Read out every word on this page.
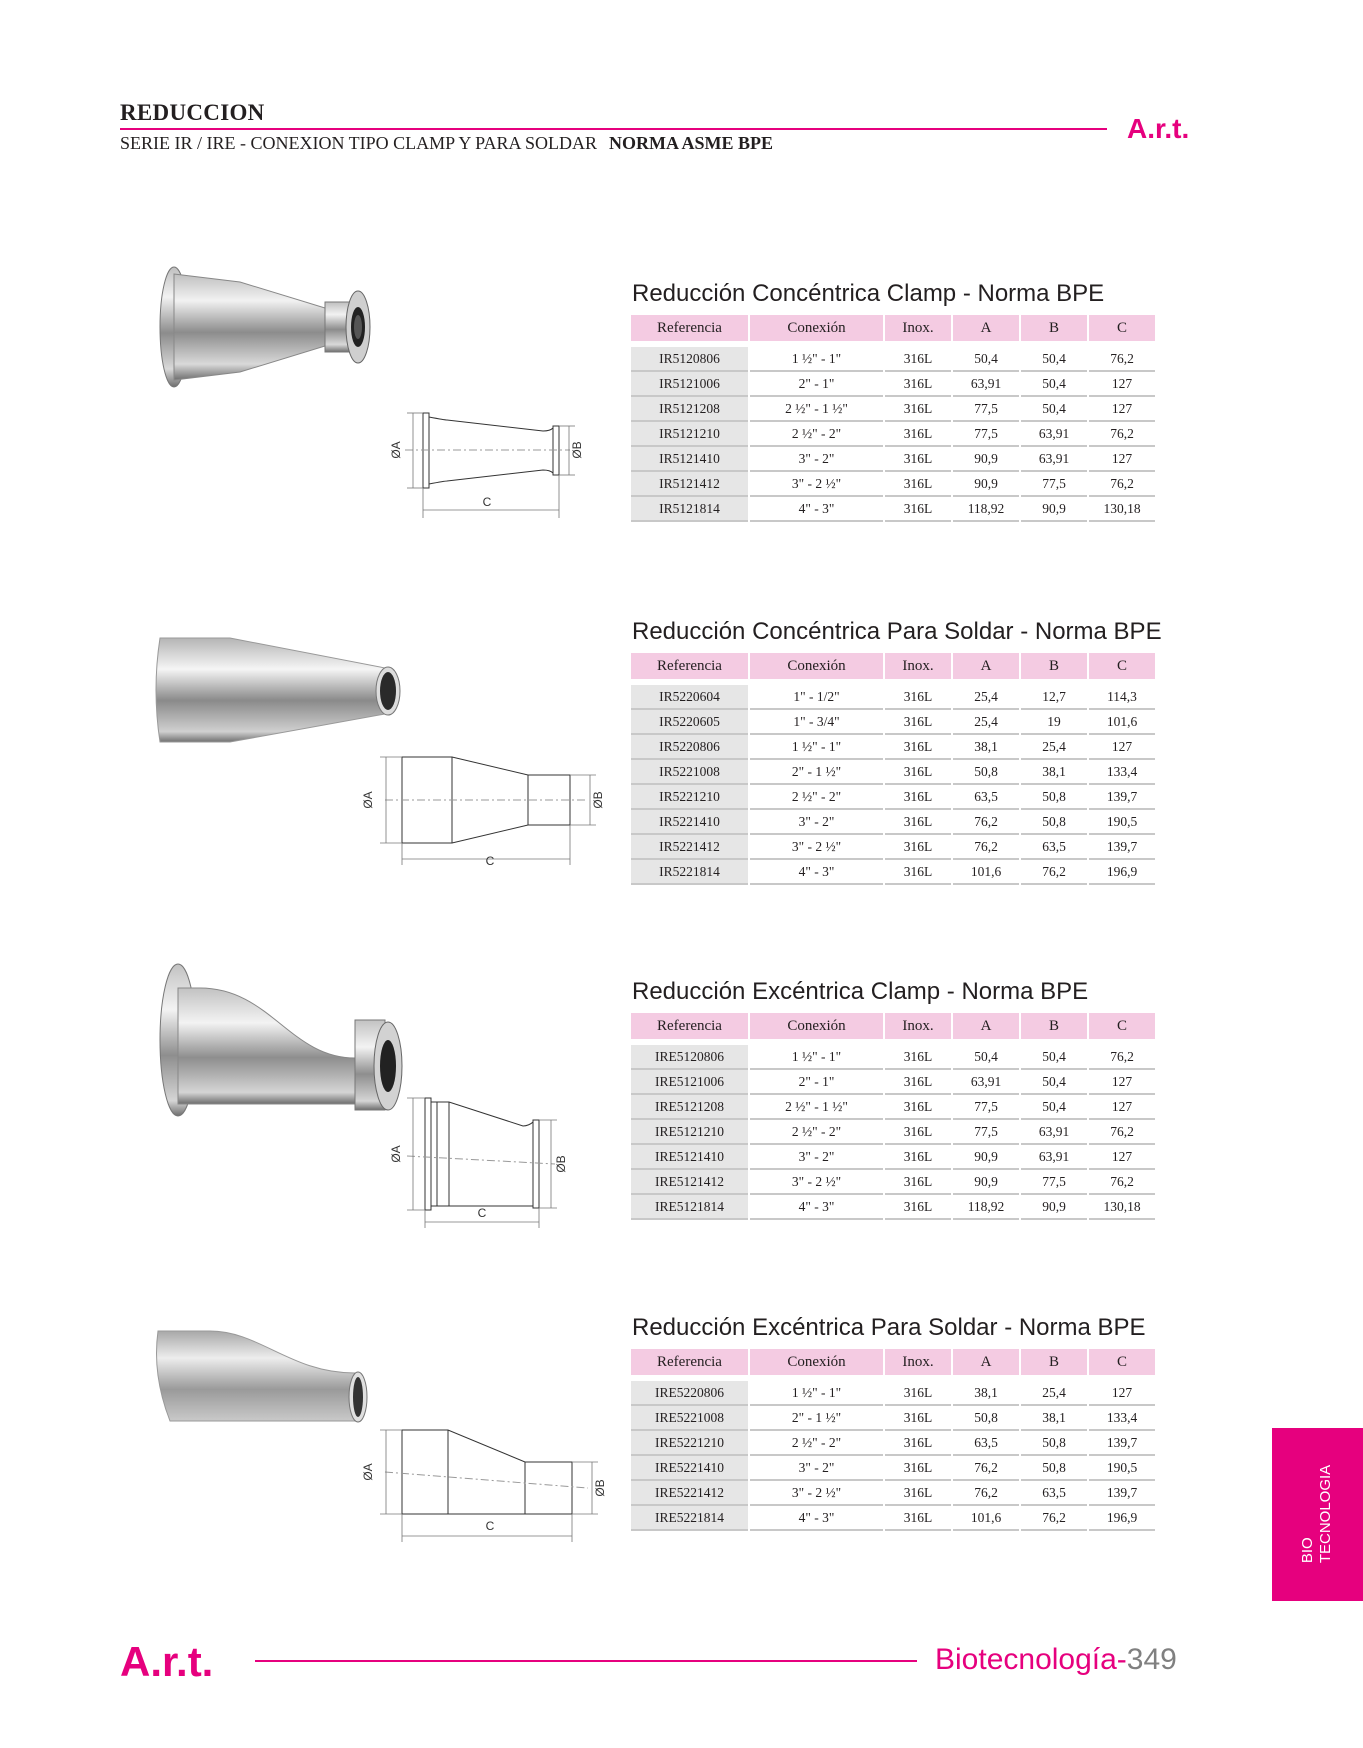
REDUCCION
SERIE IR / IRE - CONEXION TIPO CLAMP Y PARA SOLDAR NORMA ASME BPE	A.r.t.
ØA	ØB
C
Reducción Concéntrica Clamp - Norma BPE
Referencia	Conexión	Inox.	A	B	C

IR5120806	1 ½" - 1"	316L	50,4	50,4	76,2
IR5121006	2" - 1"	316L	63,91	50,4	127
IR5121208	2 ½" - 1 ½"	316L	77,5	50,4	127
IR5121210	2 ½" - 2"	316L	77,5	63,91	76,2
IR5121410	3" - 2"	316L	90,9	63,91	127
IR5121412	3" - 2 ½"	316L	90,9	77,5	76,2
IR5121814	4" - 3"	316L	118,92	90,9	130,18
ØA	ØB
C
Reducción Concéntrica Para Soldar - Norma BPE
Referencia	Conexión	Inox.	A	B	C

IR5220604	1" - 1/2"	316L	25,4	12,7	114,3
IR5220605	1" - 3/4"	316L	25,4	19	101,6
IR5220806	1 ½" - 1"	316L	38,1	25,4	127
IR5221008	2" - 1 ½"	316L	50,8	38,1	133,4
IR5221210	2 ½" - 2"	316L	63,5	50,8	139,7
IR5221410	3" - 2"	316L	76,2	50,8	190,5
IR5221412	3" - 2 ½"	316L	76,2	63,5	139,7
IR5221814	4" - 3"	316L	101,6	76,2	196,9
ØA
ØB
C
Reducción Excéntrica Clamp - Norma BPE
Referencia	Conexión	Inox.	A	B	C

IRE5120806	1 ½" - 1"	316L	50,4	50,4	76,2
IRE5121006	2" - 1"	316L	63,91	50,4	127
IRE5121208	2 ½" - 1 ½"	316L	77,5	50,4	127
IRE5121210	2 ½" - 2"	316L	77,5	63,91	76,2
IRE5121410	3" - 2"	316L	90,9	63,91	127
IRE5121412	3" - 2 ½"	316L	90,9	77,5	76,2
IRE5121814	4" - 3"	316L	118,92	90,9	130,18
ØA
ØB
C
Reducción Excéntrica Para Soldar - Norma BPE
Referencia	Conexión	Inox.	A	B	C

IRE5220806	1 ½" - 1"	316L	38,1	25,4	127
IRE5221008	2" - 1 ½"	316L	50,8	38,1	133,4
IRE5221210	2 ½" - 2"	316L	63,5	50,8	139,7
IRE5221410	3" - 2"	316L	76,2	50,8	190,5
IRE5221412	3" - 2 ½"	316L	76,2	63,5	139,7
IRE5221814	4" - 3"	316L	101,6	76,2	196,9
BIO
TECNOLOGIA
A.r.t.	Biotecnología-349
